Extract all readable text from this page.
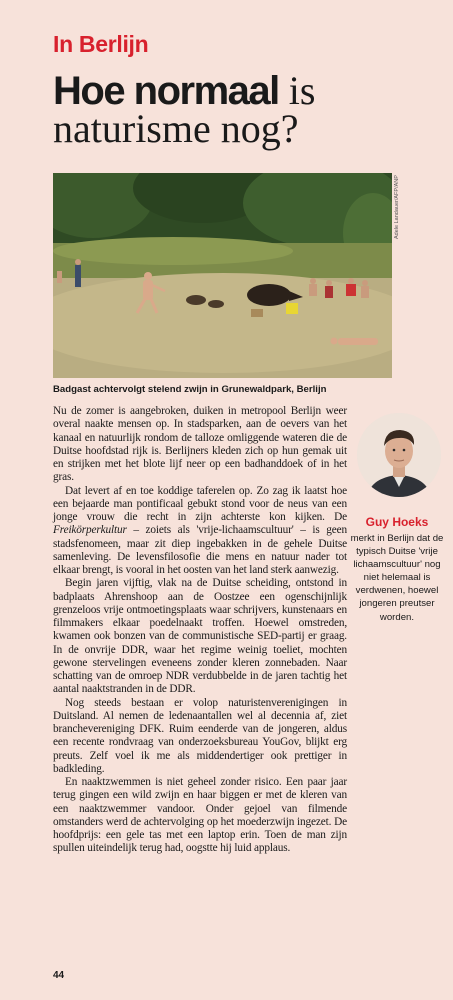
In Berlijn
Hoe normaal is
naturisme nog?
Adele Landauer/AFP/ANP
Badgast achtervolgt stelend zwijn in Grunewaldpark, Berlijn

Nu de zomer is aangebroken, duiken in metropool Berlijn weer overal naakte mensen op. In stadsparken, aan de oevers van het kanaal en natuurlijk rondom de talloze omliggende wateren die de Duitse hoofdstad rijk is. Berlijners kleden zich op hun gemak uit en strijken met het blote lijf neer op een badhanddoek of in het gras.

Dat levert af en toe koddige taferelen op. Zo zag ik laatst hoe een bejaarde man pontificaal gebukt stond voor de neus van een jonge vrouw die recht in zijn achterste kon kijken. De Freikörperkultur – zoiets als 'vrije-lichaamscultuur' – is geen stadsfenomeen, maar zit diep ingebakken in de gehele Duitse samenleving. De levensfilosofie die mens en natuur nader tot elkaar brengt, is vooral in het oosten van het land sterk aanwezig.

Begin jaren vijftig, vlak na de Duitse scheiding, ontstond in badplaats Ahrenshoop aan de Oostzee een ogenschijnlijk grenzeloos vrije ontmoetingsplaats waar schrijvers, kunstenaars en filmmakers elkaar poedelnaakt troffen. Hoewel omstreden, kwamen ook bonzen van de communistische SED-partij er graag. In de onvrije DDR, waar het regime weinig toeliet, mochten gewone stervelingen eveneens zonder kleren zonnebaden. Naar schatting van de omroep NDR verdubbelde in de jaren tachtig het aantal naaktstranden in de DDR.

Nog steeds bestaan er volop naturistenverenigingen in Duitsland. Al nemen de ledenaantallen wel al decennia af, ziet branchevereniging DFK. Ruim eenderde van de jongeren, aldus een recente rondvraag van onderzoeksbureau YouGov, blijkt erg preuts. Zelf voel ik me als middendertiger ook prettiger in badkleding.

En naaktzwemmen is niet geheel zonder risico. Een paar jaar terug gingen een wild zwijn en haar biggen er met de kleren van een naaktzwemmer vandoor. Onder gejoel van filmende omstanders werd de achtervolging op het moederzwijn ingezet. De hoofdprijs: een gele tas met een laptop erin. Toen de man zijn spullen uiteindelijk terug had, oogstte hij luid applaus.

Guy Hoeks
merkt in Berlijn dat de typisch Duitse 'vrije lichaamscultuur' nog niet helemaal is verdwenen, hoewel jongeren preutser worden.
44
